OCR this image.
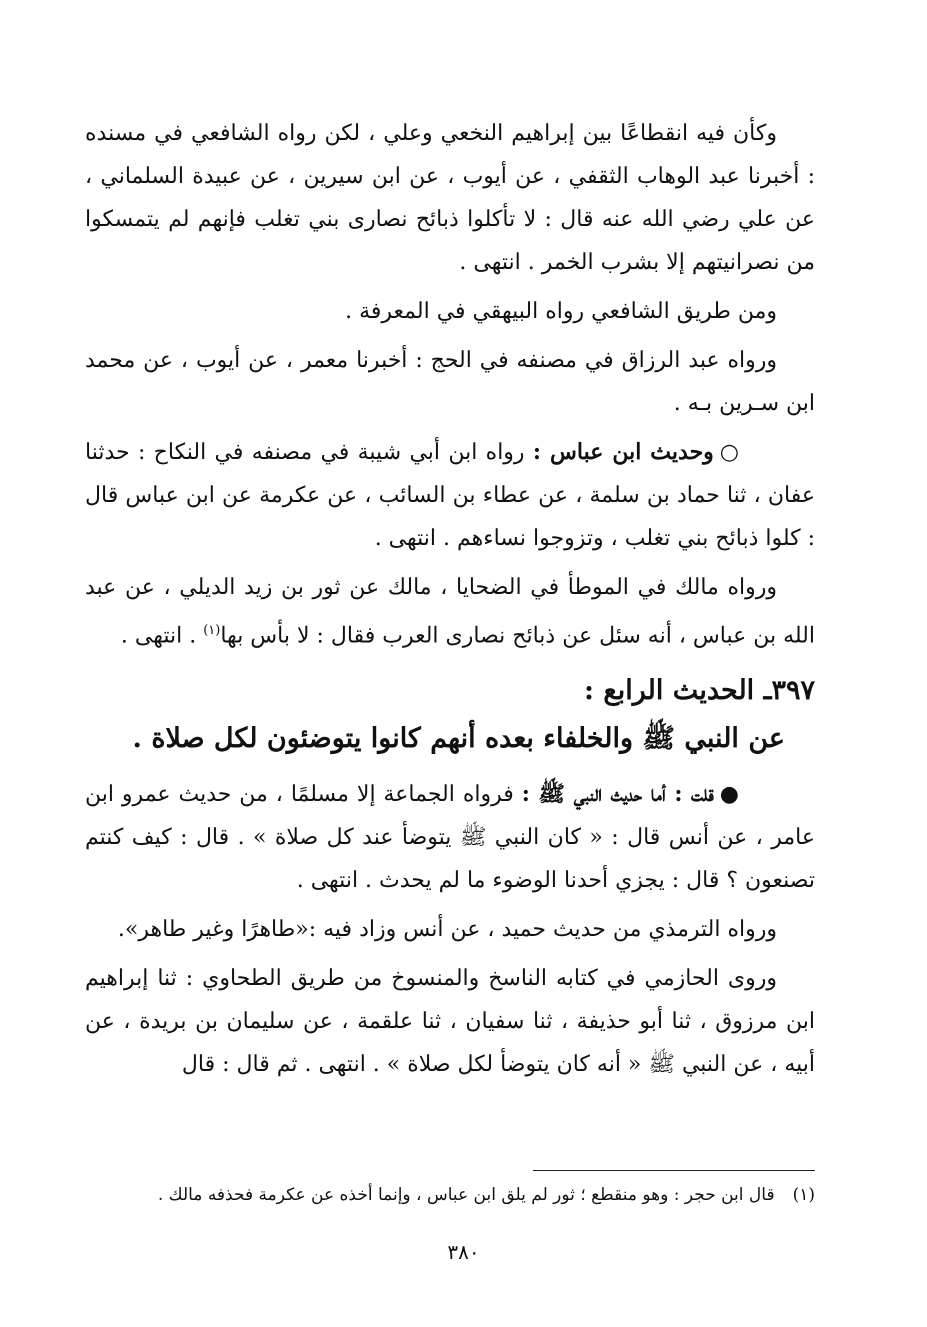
وكأن فيه انقطاعًا بين إبراهيم النخعي وعلي ، لكن رواه الشافعي في مسنده : أخبرنا عبد الوهاب الثقفي ، عن أيوب ، عن ابن سيرين ، عن عبيدة السلماني ، عن علي رضي الله عنه قال : لا تأكلوا ذبائح نصارى بني تغلب فإنهم لم يتمسكوا من نصرانيتهم إلا بشرب الخمر . انتهى .

ومن طريق الشافعي رواه البيهقي في المعرفة .

ورواه عبد الرزاق في مصنفه في الحج : أخبرنا معمر ، عن أيوب ، عن محمد ابن سـرين بـه .

○وحديث ابن عباس : رواه ابن أبي شيبة في مصنفه في النكاح : حدثنا عفان ، ثنا حماد بن سلمة ، عن عطاء بن السائب ، عن عكرمة عن ابن عباس قال : كلوا ذبائح بني تغلب ، وتزوجوا نساءهم . انتهى .

ورواه مالك في الموطأ في الضحايا ، مالك عن ثور بن زيد الديلي ، عن عبد الله بن عباس ، أنه سئل عن ذبائح نصارى العرب فقال : لا بأس بها$^{(١)}$ . انتهى .

٣٩٧ـ الحديث الرابع :
عن النبي ﷺ والخلفاء بعده أنهم كانوا يتوضئون لكل صلاة .

●قلت : أما حديث النبي ﷺ : فرواه الجماعة إلا مسلمًا ، من حديث عمرو ابن عامر ، عن أنس قال : « كان النبي ﷺ يتوضأ عند كل صلاة » . قال : كيف كنتم تصنعون ؟ قال : يجزي أحدنا الوضوء ما لم يحدث . انتهى .

ورواه الترمذي من حديث حميد ، عن أنس وزاد فيه :«طاهرًا وغير طاهر».

وروى الحازمي في كتابه الناسخ والمنسوخ من طريق الطحاوي : ثنا إبراهيم ابن مرزوق ، ثنا أبو حذيفة ، ثنا سفيان ، ثنا علقمة ، عن سليمان بن بريدة ، عن أبيه ، عن النبي ﷺ « أنه كان يتوضأ لكل صلاة » . انتهى . ثم قال : قال

(١)قال ابن حجر : وهو منقطع ؛ ثور لم يلق ابن عباس ، وإنما أخذه عن عكرمة فحذفه مالك .
٣٨٠
